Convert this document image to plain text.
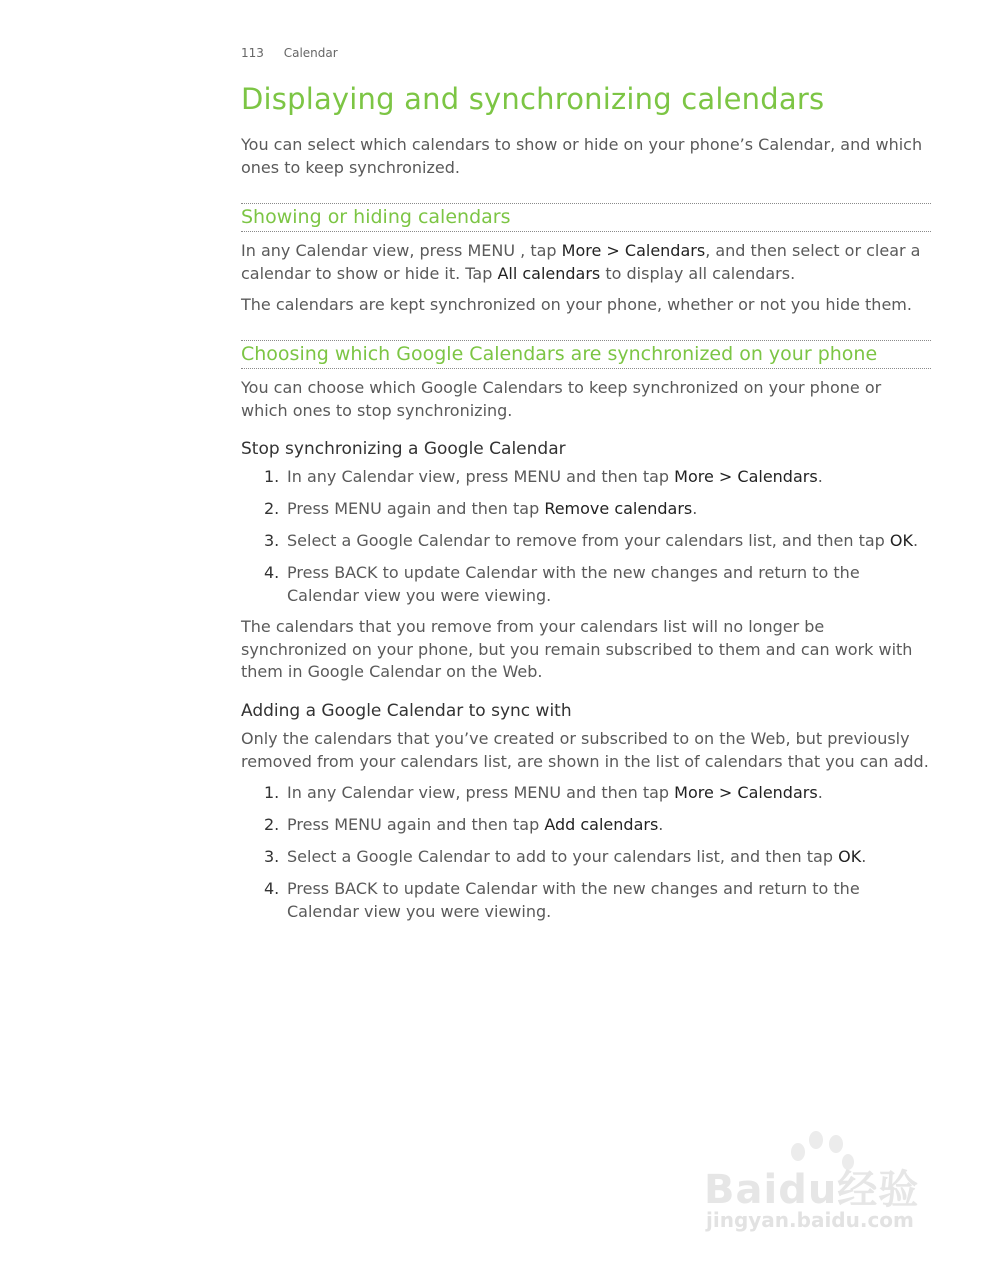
113 Calendar
Displaying and synchronizing calendars

You can select which calendars to show or hide on your phone’s Calendar, and which ones to keep synchronized.

Showing or hiding calendars

In any Calendar view, press MENU , tap More > Calendars, and then select or clear a calendar to show or hide it. Tap All calendars to display all calendars.

The calendars are kept synchronized on your phone, whether or not you hide them.

Choosing which Google Calendars are synchronized on your phone

You can choose which Google Calendars to keep synchronized on your phone or which ones to stop synchronizing.

Stop synchronizing a Google Calendar
1. In any Calendar view, press MENU and then tap More > Calendars.
2. Press MENU again and then tap Remove calendars.
3. Select a Google Calendar to remove from your calendars list, and then tap OK.
4. Press BACK to update Calendar with the new changes and return to the Calendar view you were viewing.

The calendars that you remove from your calendars list will no longer be synchronized on your phone, but you remain subscribed to them and can work with them in Google Calendar on the Web.

Adding a Google Calendar to sync with

Only the calendars that you’ve created or subscribed to on the Web, but previously removed from your calendars list, are shown in the list of calendars that you can add.

1. In any Calendar view, press MENU and then tap More > Calendars.
2. Press MENU again and then tap Add calendars.
3. Select a Google Calendar to add to your calendars list, and then tap OK.
4. Press BACK to update Calendar with the new changes and return to the Calendar view you were viewing.
Baidu经验
jingyan.baidu.com
